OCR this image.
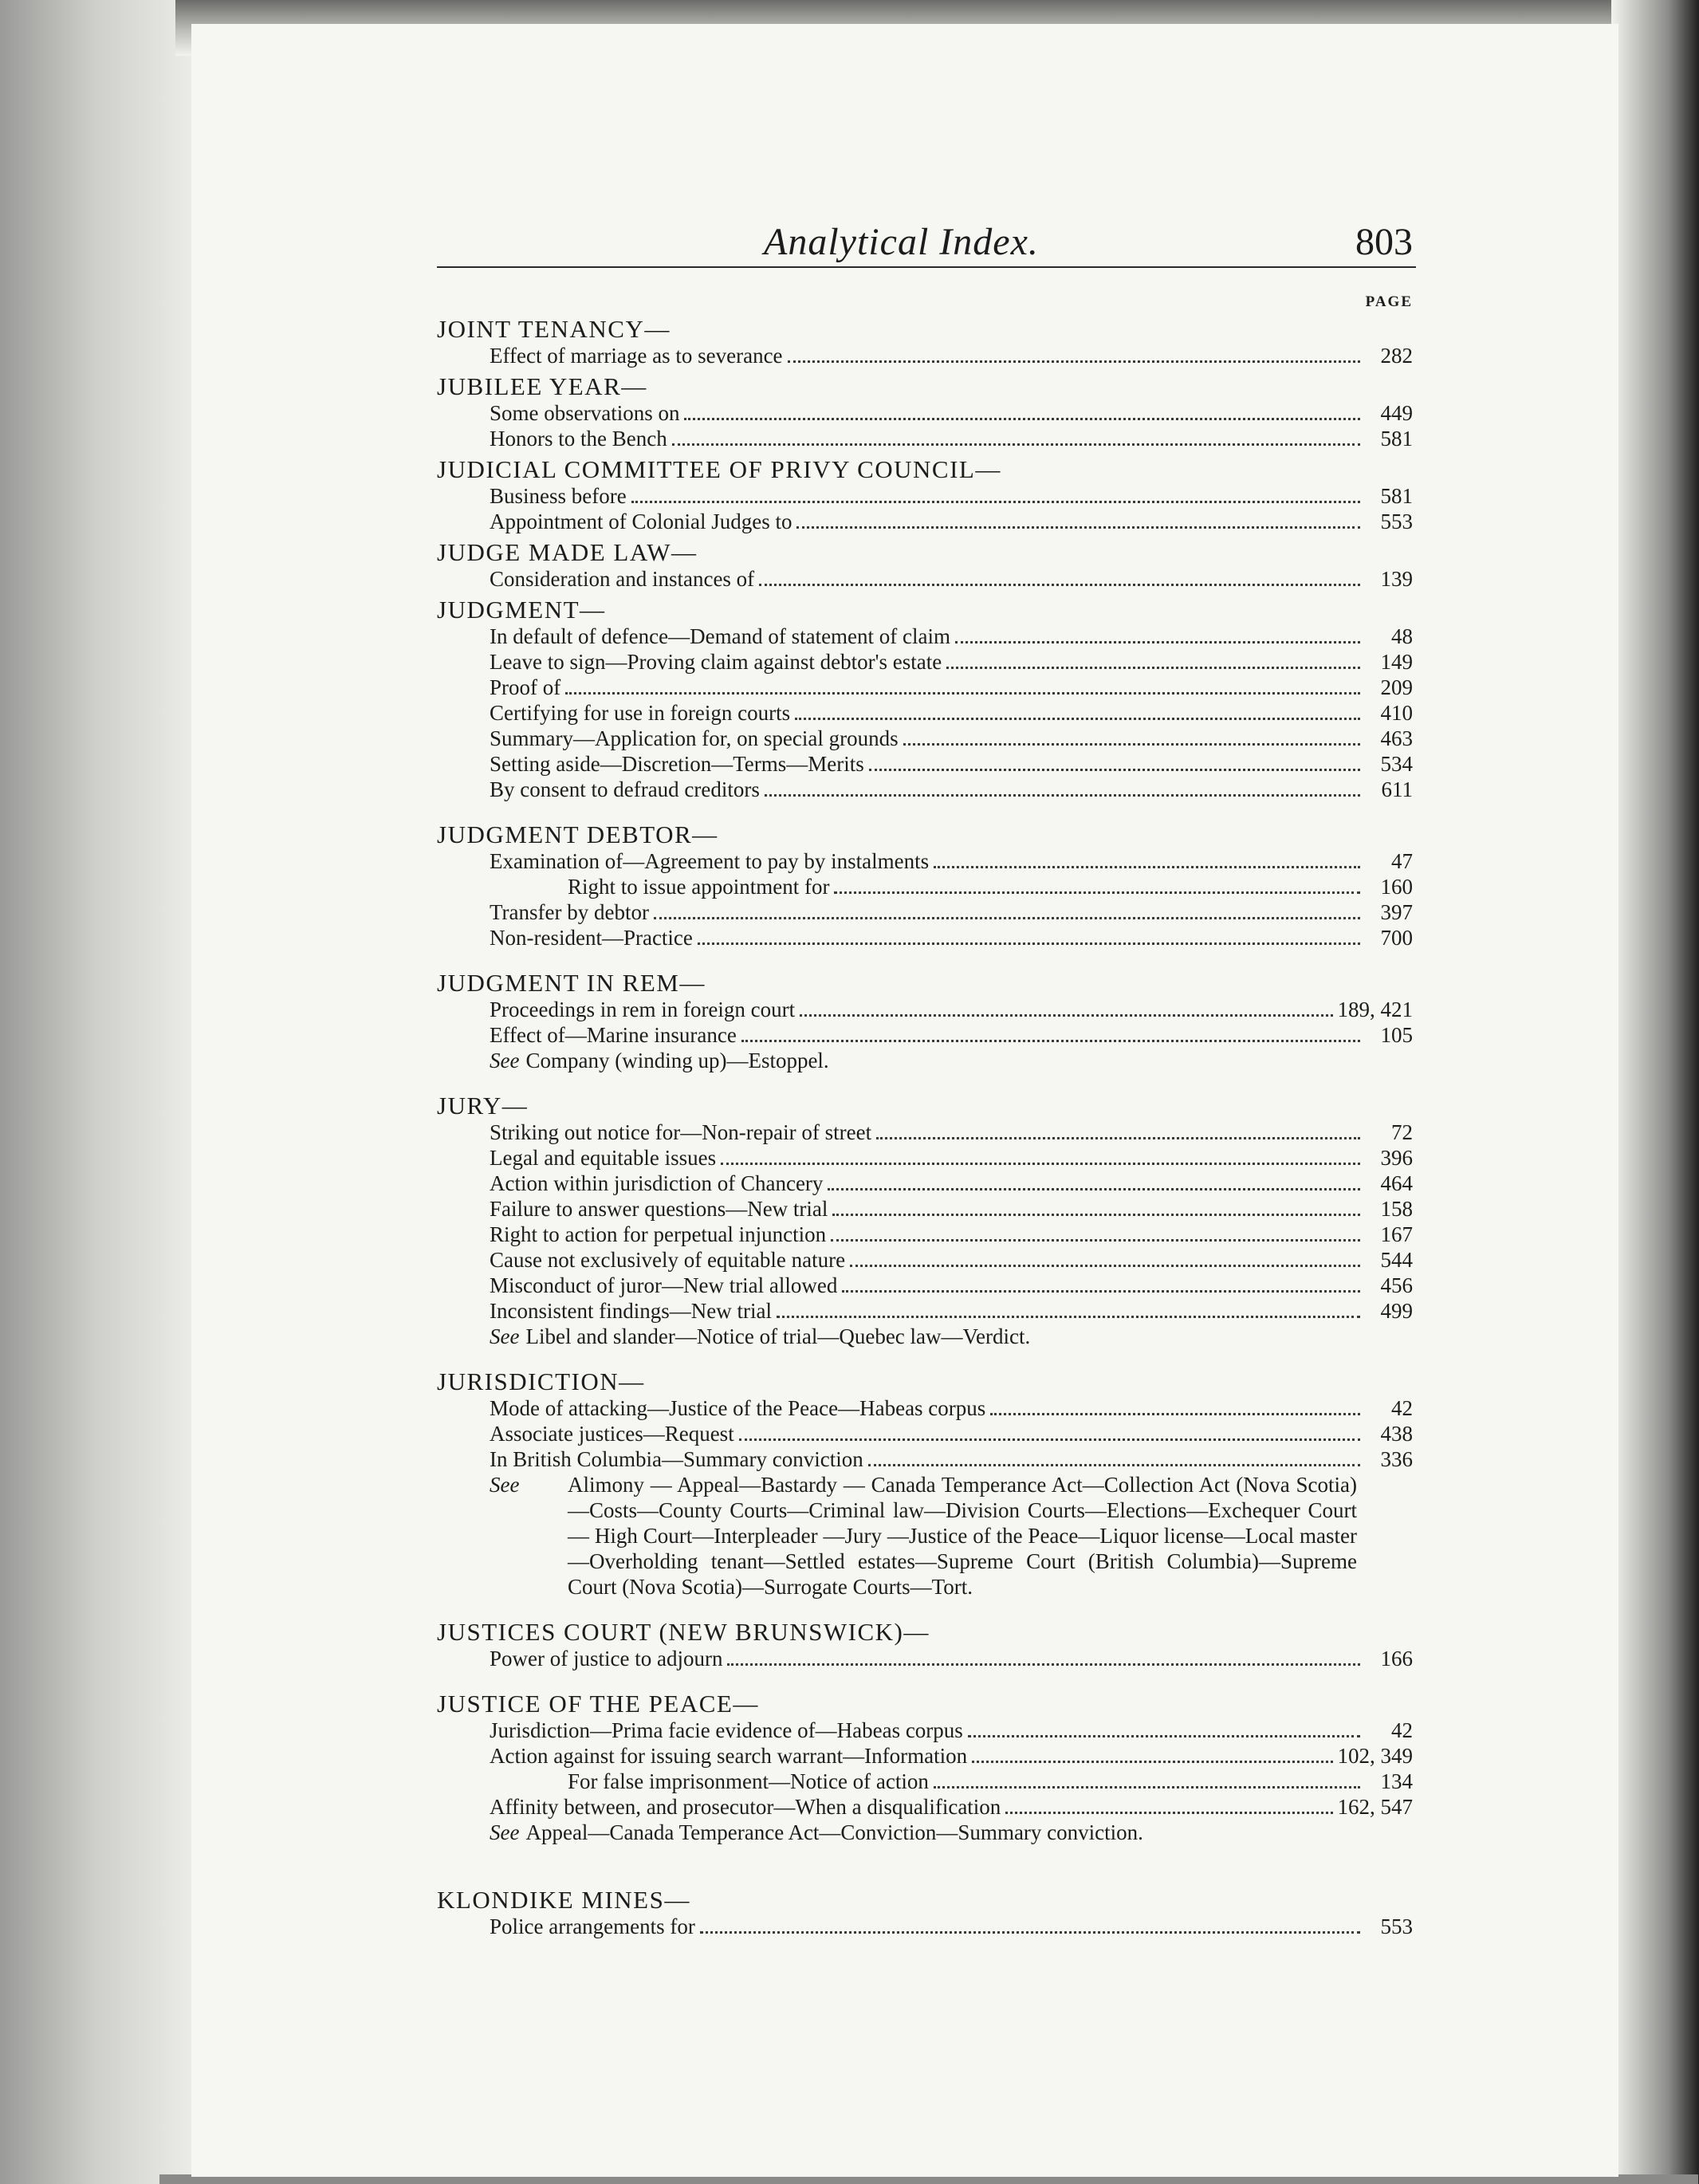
Analytical Index.	803
PAGE
JOINT TENANCY—
Effect of marriage as to severance	282
JUBILEE YEAR—
Some observations on	449
Honors to the Bench	581
JUDICIAL COMMITTEE OF PRIVY COUNCIL—
Business before	581
Appointment of Colonial Judges to	553
JUDGE MADE LAW—
Consideration and instances of	139
JUDGMENT—
In default of defence—Demand of statement of claim	48
Leave to sign—Proving claim against debtor's estate	149
Proof of	209
Certifying for use in foreign courts	410
Summary—Application for, on special grounds	463
Setting aside—Discretion—Terms—Merits	534
By consent to defraud creditors	611
JUDGMENT DEBTOR—
Examination of—Agreement to pay by instalments	47
Right to issue appointment for	160
Transfer by debtor	397
Non-resident—Practice	700
JUDGMENT IN REM—
Proceedings in rem in foreign court	189, 421
Effect of—Marine insurance	105
See Company (winding up)—Estoppel.
JURY—
Striking out notice for—Non-repair of street	72
Legal and equitable issues	396
Action within jurisdiction of Chancery	464
Failure to answer questions—New trial	158
Right to action for perpetual injunction	167
Cause not exclusively of equitable nature	544
Misconduct of juror—New trial allowed	456
Inconsistent findings—New trial	499
See Libel and slander—Notice of trial—Quebec law—Verdict.
JURISDICTION—
Mode of attacking—Justice of the Peace—Habeas corpus	42
Associate justices—Request	438
In British Columbia—Summary conviction	336
See Alimony — Appeal—Bastardy — Canada Temperance Act—Collection Act (Nova Scotia)—Costs—County Courts—Criminal law—Division Courts—Elections—Exchequer Court — High Court—Interpleader —Jury —Justice of the Peace—Liquor license—Local master—Overholding tenant—Settled estates—Supreme Court (British Columbia)—Supreme Court (Nova Scotia)—Surrogate Courts—Tort.
JUSTICES COURT (NEW BRUNSWICK)—
Power of justice to adjourn	166
JUSTICE OF THE PEACE—
Jurisdiction—Prima facie evidence of—Habeas corpus	42
Action against for issuing search warrant—Information	102, 349
For false imprisonment—Notice of action	134
Affinity between, and prosecutor—When a disqualification	162, 547
See Appeal—Canada Temperance Act—Conviction—Summary conviction.
KLONDIKE MINES—
Police arrangements for	553
